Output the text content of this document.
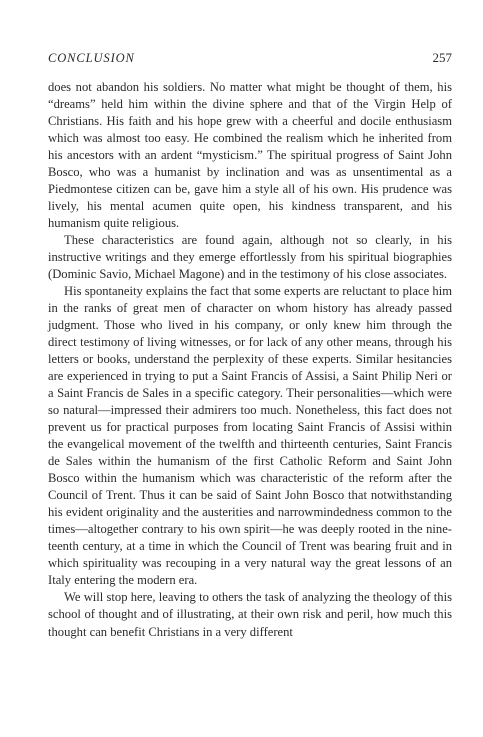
CONCLUSION	257

does not abandon his soldiers. No matter what might be thought of them, his “dreams” held him within the divine sphere and that of the Virgin Help of Christians. His faith and his hope grew with a cheerful and docile enthusiasm which was almost too easy. He combined the realism which he inherited from his ancestors with an ardent “mysticism.” The spiritual progress of Saint John Bosco, who was a humanist by inclination and was as unsentimental as a Piedmontese citizen can be, gave him a style all of his own. His prudence was lively, his mental acumen quite open, his kindness transparent, and his humanism quite religious.

These characteristics are found again, although not so clearly, in his instructive writings and they emerge effortlessly from his spiritual biographies (Dominic Savio, Michael Magone) and in the testimony of his close associates.

His spontaneity explains the fact that some experts are reluctant to place him in the ranks of great men of character on whom history has already passed judgment. Those who lived in his company, or only knew him through the direct testimony of living witnesses, or for lack of any other means, through his letters or books, understand the perplexity of these experts. Similar hesitancies are experienced in trying to put a Saint Francis of Assisi, a Saint Philip Neri or a Saint Francis de Sales in a specific category. Their personalities—which were so natural—impressed their admirers too much. Nonetheless, this fact does not prevent us for practical purposes from locating Saint Francis of Assisi within the evangelical movement of the twelfth and thirteenth centuries, Saint Francis de Sales within the humanism of the first Catholic Reform and Saint John Bosco within the humanism which was characteristic of the reform after the Council of Trent. Thus it can be said of Saint John Bosco that notwithstanding his evident originality and the austerities and narrowmindedness common to the times—altogether contrary to his own spirit—he was deeply rooted in the nineteenth century, at a time in which the Council of Trent was bearing fruit and in which spirituality was recouping in a very natural way the great lessons of an Italy entering the modern era.

We will stop here, leaving to others the task of analyzing the theology of this school of thought and of illustrating, at their own risk and peril, how much this thought can benefit Christians in a very different
